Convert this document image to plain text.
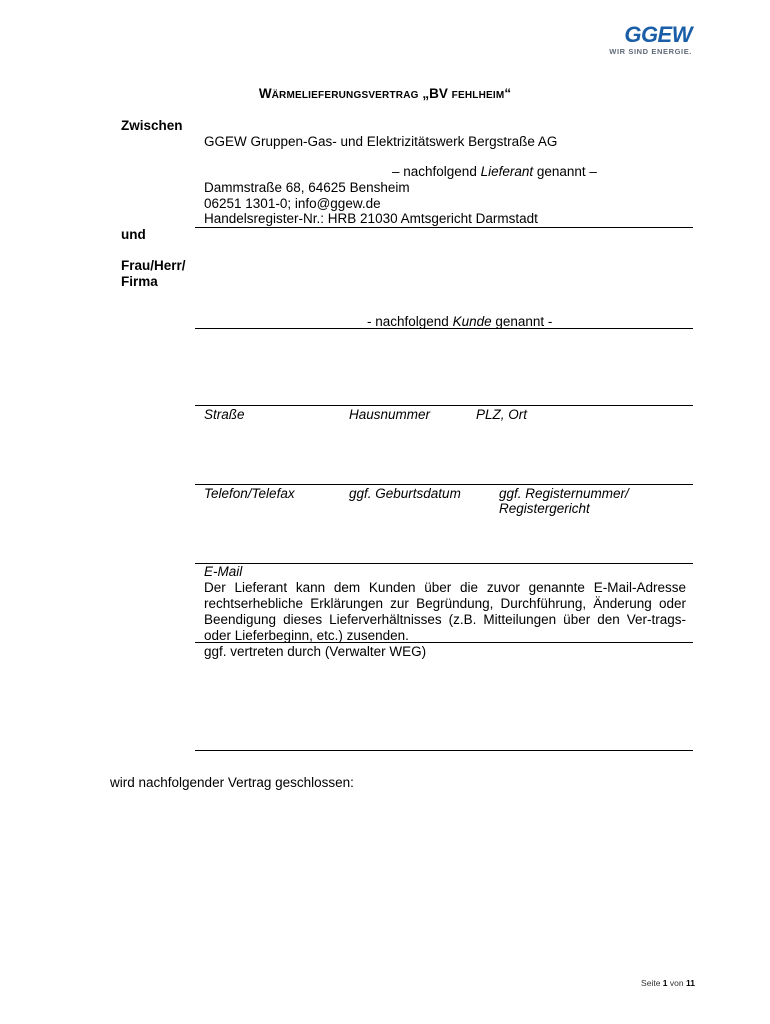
GGEW
WIR SIND ENERGIE.
WÄRMELIEFERUNGSVERTRAG „BV FEHLHEIM“
Zwischen
und
Frau/Herr/
Firma
GGEW Gruppen-Gas- und Elektrizitätswerk Bergstraße AG
– nachfolgend Lieferant genannt –
Dammstraße 68, 64625 Bensheim
06251 1301-0; info@ggew.de
Handelsregister-Nr.: HRB 21030 Amtsgericht Darmstadt
- nachfolgend Kunde genannt -
Straße	Hausnummer	PLZ, Ort
Telefon/Telefax	ggf. Geburtsdatum	ggf. Registernummer/
Registergericht
E-Mail
Der Lieferant kann dem Kunden über die zuvor genannte E-Mail-Adresse rechtserhebliche Erklärungen zur Begründung, Durchführung, Änderung oder Beendigung dieses Lieferverhältnisses (z.B. Mitteilungen über den Ver-trags- oder Lieferbeginn, etc.) zusenden.
ggf. vertreten durch (Verwalter WEG)
wird nachfolgender Vertrag geschlossen:
Seite 1 von 11
